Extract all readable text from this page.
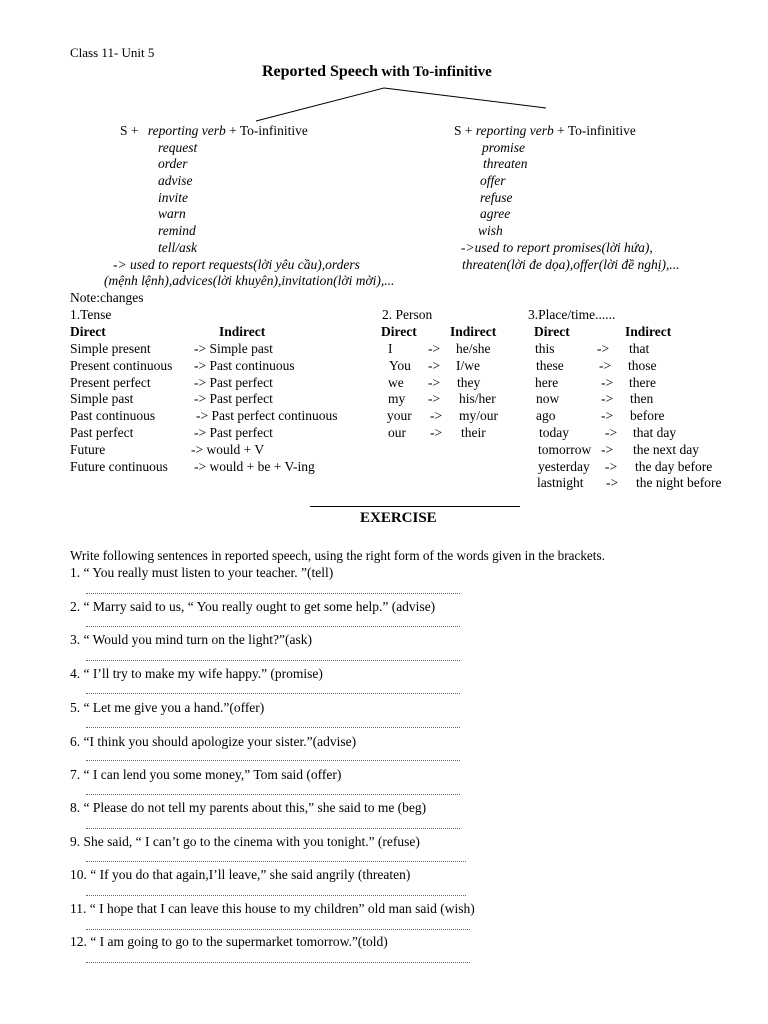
Class 11- Unit 5
Reported Speech with To-infinitive
S + reporting verb + To-infinitive
request
order
advise
invite
warn
remind
tell/ask
-> used to report requests(lời yêu cầu),orders
(mệnh lệnh),advices(lời khuyên),invitation(lời mời),...
S + reporting verb + To-infinitive
promise
threaten
offer
refuse
agree
wish
->used to report promises(lời hứa),
threaten(lời đe dọa),offer(lời đề nghị),...
Note:changes
1.Tense
Direct	Indirect
Simple present	-> Simple past
Present continuous -> Past continuous
Present perfect	-> Past perfect
Simple past	-> Past perfect
Past continuous	-> Past perfect continuous
Past perfect	-> Past perfect
Future	-> would + V
Future continuous -> would + be + V-ing
2. Person
Direct Indirect
I	-> he/she
You -> I/we
we -> they
my -> his/her
your -> my/our
our -> their
3.Place/time......
Direct	Indirect
this	-> that
these	-> those
here	-> there
now	-> then
ago	-> before
today	-> that day
tomorrow -> the next day
yesterday -> the day before
lastnight -> the night before
EXERCISE
Write following sentences in reported speech, using the right form of the words given in the brackets.
1. “ You really must listen to your teacher. ”(tell)
2. “ Marry said to us, “ You really ought to get some help.” (advise)
3. “ Would you mind turn on the light?”(ask)
4. “ I’ll try to make my wife happy.” (promise)
5. “ Let me give you a hand.”(offer)
6. “I think you should apologize your sister.”(advise)
7. “ I can lend you some money,” Tom said (offer)
8. “ Please do not tell my parents about this,” she said to me (beg)
9. She said, “ I can’t go to the cinema with you tonight.” (refuse)
10. “ If you do that again,I’ll leave,” she said angrily (threaten)
11. “ I hope that I can leave this house to my children” old man said (wish)
12. “ I am going to go to the supermarket tomorrow.”(told)
